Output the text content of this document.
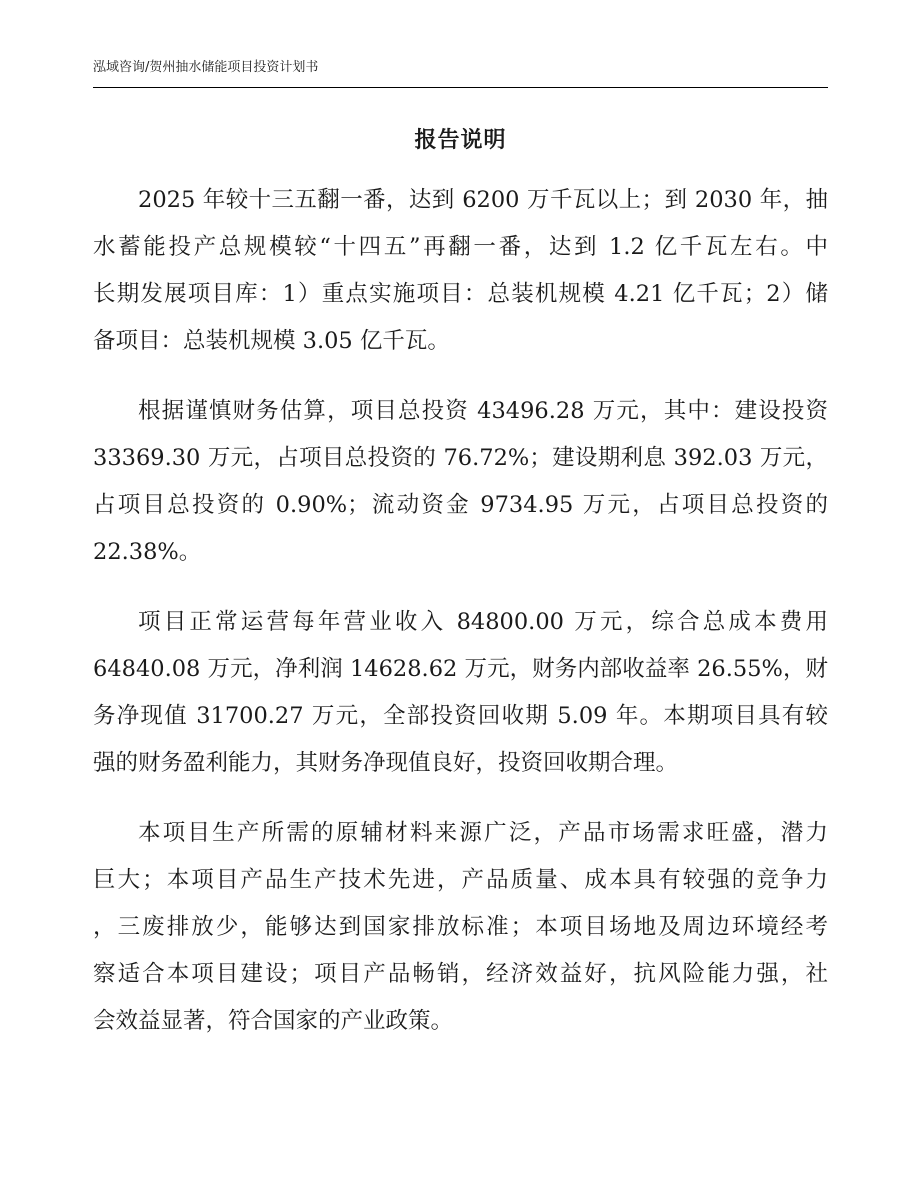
泓域咨询/贺州抽水储能项目投资计划书
报告说明

2025 年较十三五翻一番，达到 6200 万千瓦以上；到 2030 年，抽
水蓄能投产总规模较“十四五”再翻一番，达到 1.2 亿千瓦左右。中
长期发展项目库：1）重点实施项目：总装机规模 4.21 亿千瓦；2）储
备项目：总装机规模 3.05 亿千瓦。

根据谨慎财务估算，项目总投资 43496.28 万元，其中：建设投资
33369.30 万元，占项目总投资的 76.72%；建设期利息 392.03 万元，
占项目总投资的 0.90%；流动资金 9734.95 万元，占项目总投资的
22.38%。

项目正常运营每年营业收入 84800.00 万元，综合总成本费用
64840.08 万元，净利润 14628.62 万元，财务内部收益率 26.55%，财
务净现值 31700.27 万元，全部投资回收期 5.09 年。本期项目具有较
强的财务盈利能力，其财务净现值良好，投资回收期合理。

本项目生产所需的原辅材料来源广泛，产品市场需求旺盛，潜力
巨大；本项目产品生产技术先进，产品质量、成本具有较强的竞争力
，三废排放少，能够达到国家排放标准；本项目场地及周边环境经考
察适合本项目建设；项目产品畅销，经济效益好，抗风险能力强，社
会效益显著，符合国家的产业政策。
